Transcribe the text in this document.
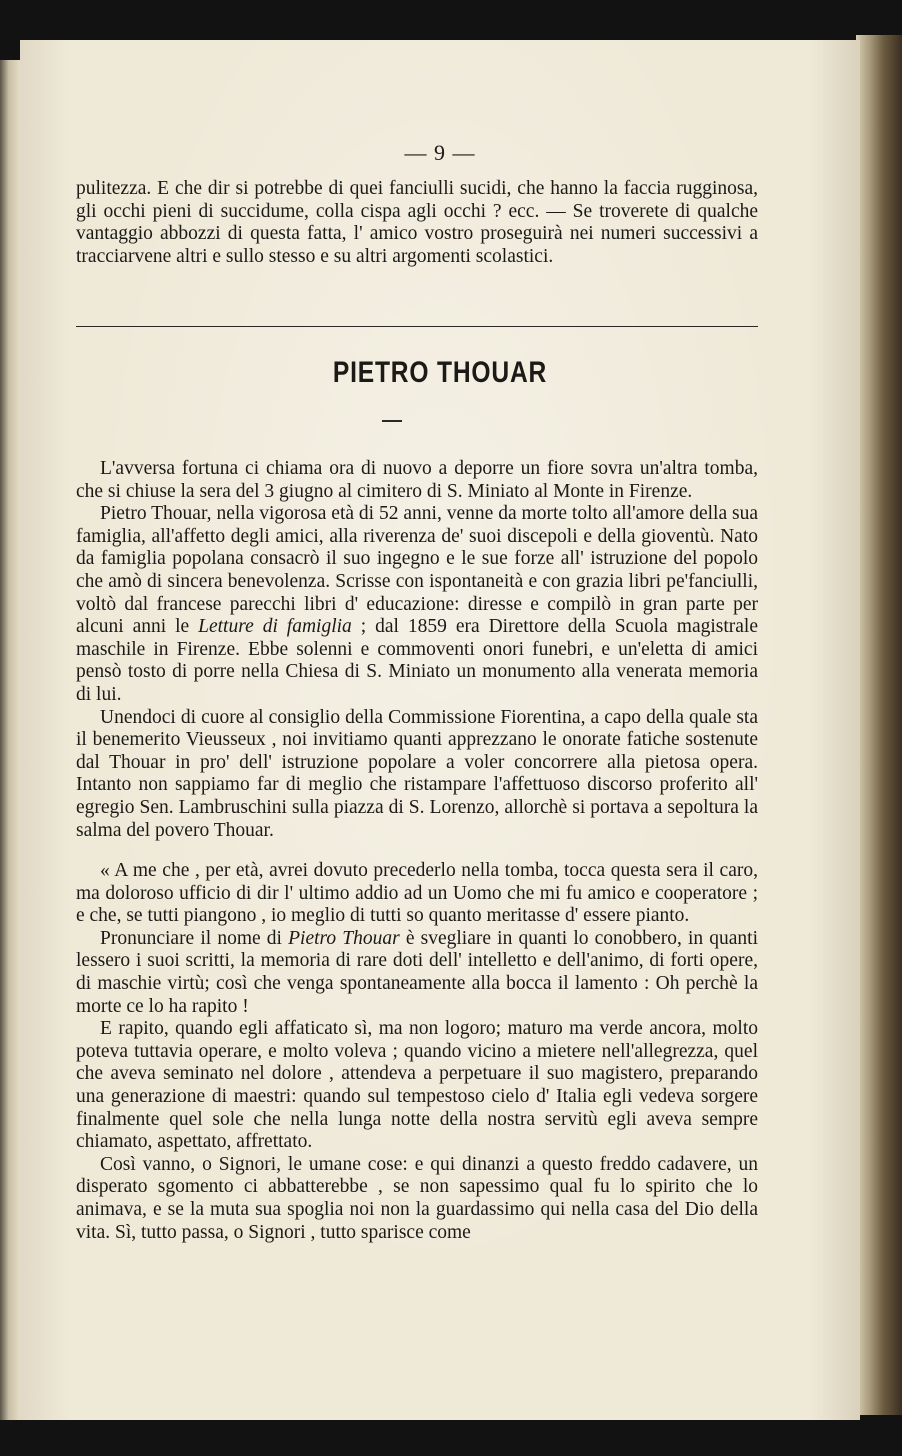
— 9 —

pulitezza. E che dir si potrebbe di quei fanciulli sucidi, che hanno la faccia rugginosa, gli occhi pieni di succidume, colla cispa agli occhi ? ecc. — Se troverete di qualche vantaggio abbozzi di questa fatta, l' amico vostro proseguirà nei numeri successivi a tracciarvene altri e sullo stesso e su altri argomenti scolastici.

PIETRO THOUAR

L'avversa fortuna ci chiama ora di nuovo a deporre un fiore sovra un'altra tomba, che si chiuse la sera del 3 giugno al cimitero di S. Miniato al Monte in Firenze.

Pietro Thouar, nella vigorosa età di 52 anni, venne da morte tolto all'amore della sua famiglia, all'affetto degli amici, alla riverenza de' suoi discepoli e della gioventù. Nato da famiglia popolana consacrò il suo ingegno e le sue forze all' istruzione del popolo che amò di sincera benevolenza. Scrisse con ispontaneità e con grazia libri pe'fanciulli, voltò dal francese parecchi libri d' educazione: diresse e compilò in gran parte per alcuni anni le Letture di famiglia ; dal 1859 era Direttore della Scuola magistrale maschile in Firenze. Ebbe solenni e commoventi onori funebri, e un'eletta di amici pensò tosto di porre nella Chiesa di S. Miniato un monumento alla venerata memoria di lui.

Unendoci di cuore al consiglio della Commissione Fiorentina, a capo della quale sta il benemerito Vieusseux , noi invitiamo quanti apprezzano le onorate fatiche sostenute dal Thouar in pro' dell' istruzione popolare a voler concorrere alla pietosa opera. Intanto non sappiamo far di meglio che ristampare l'affettuoso discorso proferito all' egregio Sen. Lambruschini sulla piazza di S. Lorenzo, allorchè si portava a sepoltura la salma del povero Thouar.

« A me che , per età, avrei dovuto precederlo nella tomba, tocca questa sera il caro, ma doloroso ufficio di dir l' ultimo addio ad un Uomo che mi fu amico e cooperatore ; e che, se tutti piangono , io meglio di tutti so quanto meritasse d' essere pianto.

Pronunciare il nome di Pietro Thouar è svegliare in quanti lo conobbero, in quanti lessero i suoi scritti, la memoria di rare doti dell' intelletto e dell'animo, di forti opere, di maschie virtù; così che venga spontaneamente alla bocca il lamento : Oh perchè la morte ce lo ha rapito !

E rapito, quando egli affaticato sì, ma non logoro; maturo ma verde ancora, molto poteva tuttavia operare, e molto voleva ; quando vicino a mietere nell'allegrezza, quel che aveva seminato nel dolore , attendeva a perpetuare il suo magistero, preparando una generazione di maestri: quando sul tempestoso cielo d' Italia egli vedeva sorgere finalmente quel sole che nella lunga notte della nostra servitù egli aveva sempre chiamato, aspettato, affrettato.

Così vanno, o Signori, le umane cose: e qui dinanzi a questo freddo cadavere, un disperato sgomento ci abbatterebbe , se non sapessimo qual fu lo spirito che lo animava, e se la muta sua spoglia noi non la guardassimo qui nella casa del Dio della vita. Sì, tutto passa, o Signori , tutto sparisce come
